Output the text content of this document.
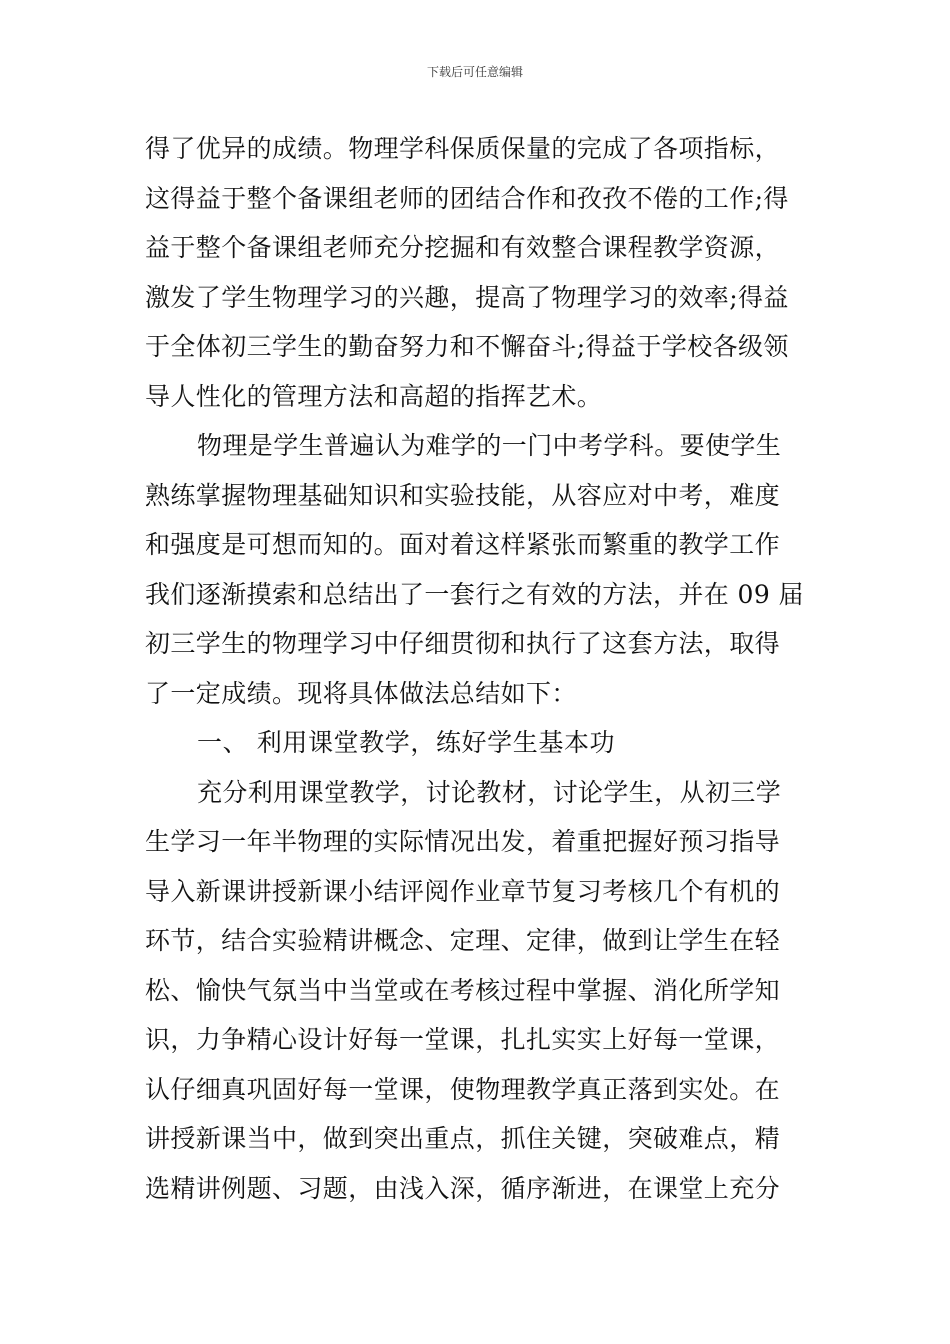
下载后可任意编辑
得了优异的成绩。物理学科保质保量的完成了各项指标，
这得益于整个备课组老师的团结合作和孜孜不倦的工作;得
益于整个备课组老师充分挖掘和有效整合课程教学资源，
激发了学生物理学习的兴趣，提高了物理学习的效率;得益
于全体初三学生的勤奋努力和不懈奋斗;得益于学校各级领
导人性化的管理方法和高超的指挥艺术。
物理是学生普遍认为难学的一门中考学科。要使学生
熟练掌握物理基础知识和实验技能，从容应对中考，难度
和强度是可想而知的。面对着这样紧张而繁重的教学工作
我们逐渐摸索和总结出了一套行之有效的方法，并在 09 届
初三学生的物理学习中仔细贯彻和执行了这套方法，取得
了一定成绩。现将具体做法总结如下：
一、 利用课堂教学，练好学生基本功
充分利用课堂教学，讨论教材，讨论学生，从初三学
生学习一年半物理的实际情况出发，着重把握好预习指导
导入新课讲授新课小结评阅作业章节复习考核几个有机的
环节，结合实验精讲概念、定理、定律，做到让学生在轻
松、愉快气氛当中当堂或在考核过程中掌握、消化所学知
识，力争精心设计好每一堂课，扎扎实实上好每一堂课，
认仔细真巩固好每一堂课，使物理教学真正落到实处。在
讲授新课当中，做到突出重点，抓住关键，突破难点，精
选精讲例题、习题，由浅入深，循序渐进，在课堂上充分
